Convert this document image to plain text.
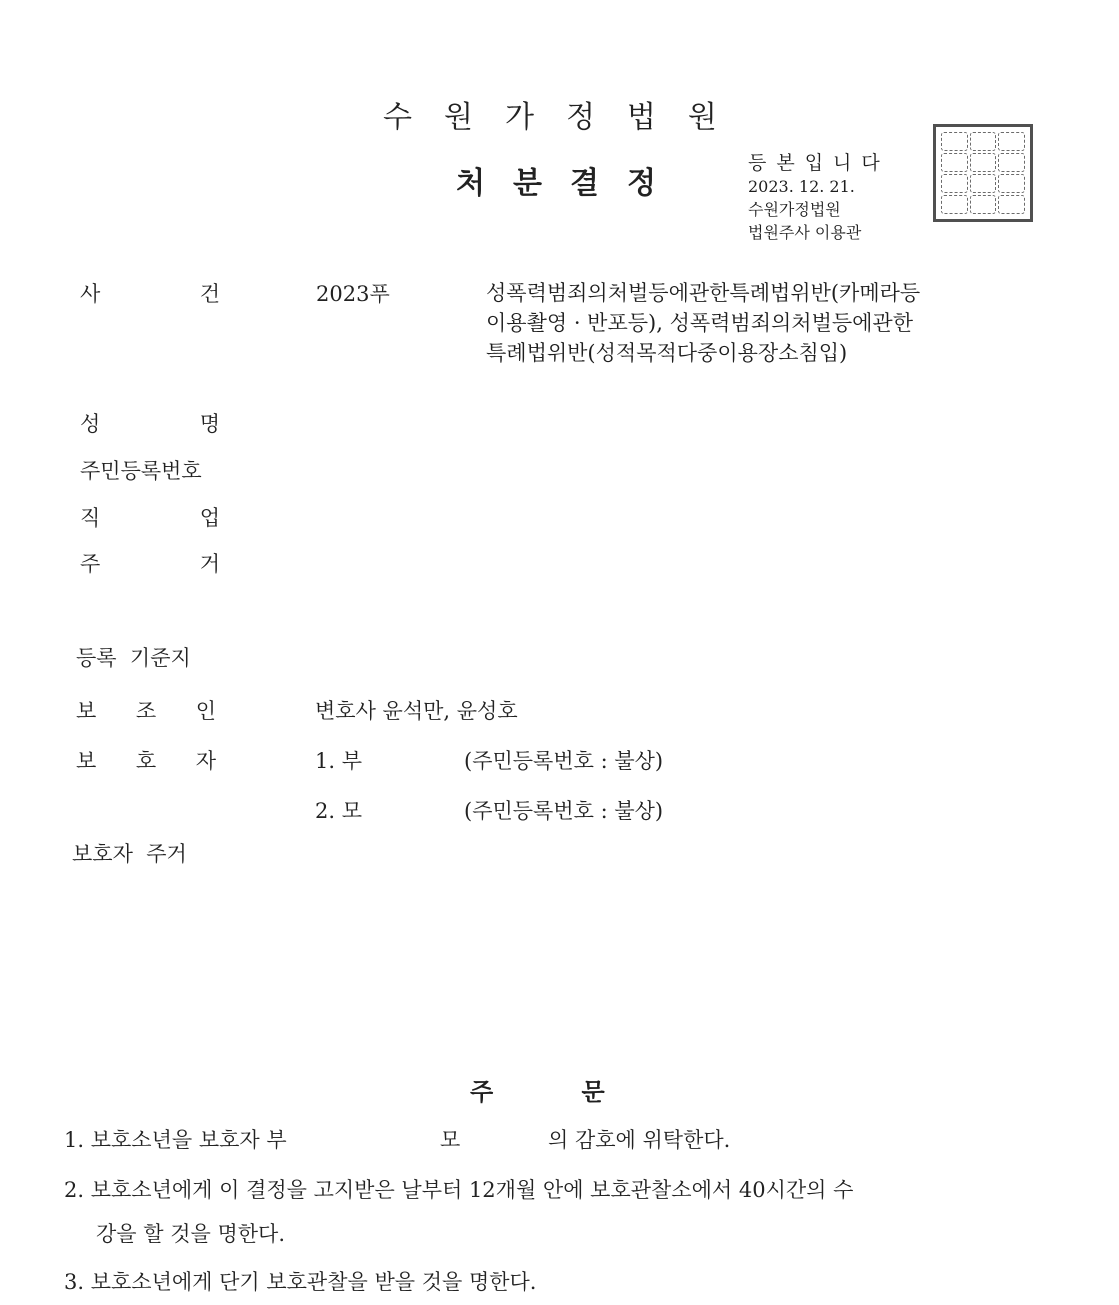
수원가정법원
처분결정
등본입니다
2023. 12. 21.
수원가정법원
법원주사 이용관
사	건	2023푸	성폭력범죄의처벌등에관한특례법위반(카메라등
이용촬영 · 반포등), 성폭력범죄의처벌등에관한
특례법위반(성적목적다중이용장소침입)
성	명
주민등록번호
직	업
주	거
등록  기준지
보 조 인	변호사 윤석만, 윤성호
보 호 자	1. 부	(주민등록번호 : 불상)
2. 모	(주민등록번호 : 불상)
보호자  주거
주 문
1. 보호소년을 보호자 부	모	의 감호에 위탁한다.
2. 보호소년에게 이 결정을 고지받은 날부터 12개월 안에 보호관찰소에서 40시간의 수
강을 할 것을 명한다.
3. 보호소년에게 단기 보호관찰을 받을 것을 명한다.
